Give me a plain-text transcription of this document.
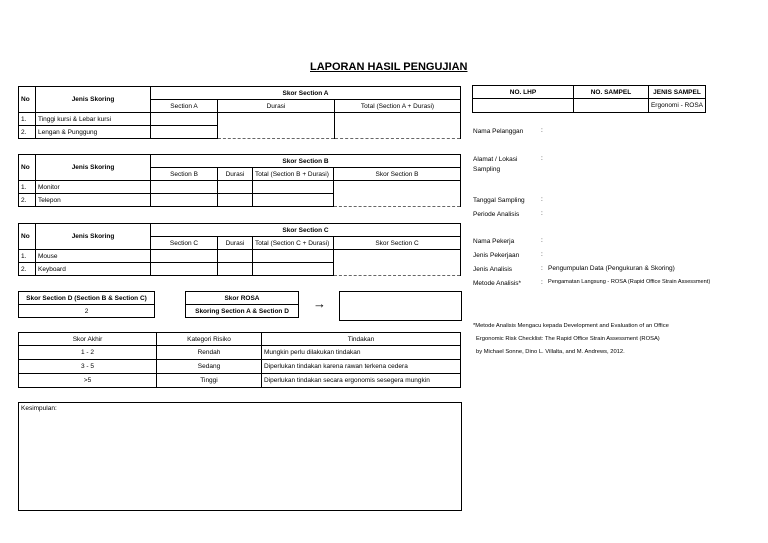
LAPORAN HASIL PENGUJIAN
No	Jenis Skoring	Skor Section A		
		Section A	Durasi	Total (Section A + Durasi)
1.	Tinggi kursi & Lebar kursi			
2.	Lengan & Punggung			
No	Jenis Skoring	Skor Section B			
		Section B	Durasi	Total (Section B + Durasi)	Skor Section B
1.	Monitor				
2.	Telepon				
No	Jenis Skoring	Skor Section C			
		Section C	Durasi	Total (Section C + Durasi)	Skor Section C
1.	Mouse				
2.	Keyboard				
Skor Section D (Section B & Section C)
2
Skor ROSA
Skoring Section A & Section D →
Skor Akhir	Kategori Risiko	Tindakan
1 - 2	Rendah	Mungkin perlu dilakukan tindakan
3 - 5	Sedang	Diperlukan tindakan karena rawan terkena cedera
>5	Tinggi	Diperlukan tindakan secara ergonomis sesegera mungkin
Kesimpulan:
NO. LHP	NO. SAMPEL	JENIS SAMPEL
		Ergonomi - ROSA
Nama Pelanggan	:
Alamat / Lokasi
Sampling
:
Tanggal Sampling	:
Periode Analisis	:
Nama Pekerja	:
Jenis Pekerjaan	:
Jenis Analisis	: Pengumpulan Data (Pengukuran & Skoring)
Metode Analisis*	: Pengamatan Langsung - ROSA (Rapid Office Strain Assessment)
*Metode Analisis Mengacu kepada Development and Evaluation of an Office
Ergonomic Risk Checklist: The Rapid Office Strain Assessment (ROSA)
by Michael Sonne, Dino L. Villalta, and M. Andrews, 2012.
